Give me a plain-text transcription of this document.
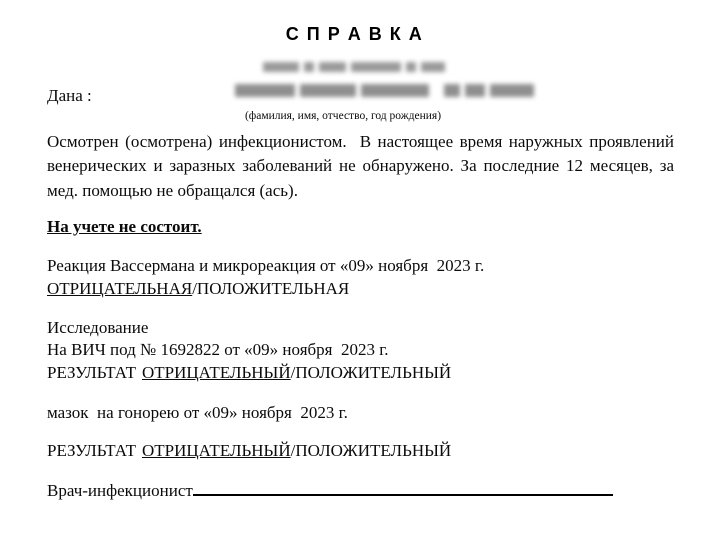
С П Р А В К А
Дана :
(фамилия, имя, отчество, год рождения)
Осмотрен (осмотрена) инфекционистом.  В настоящее время наружных проявлений венерических и заразных заболеваний не обнаружено. За последние 12 месяцев, за мед. помощью не обращался (ась).
На учете не состоит.
Реакция Вассермана и микрореакция от «09» ноября  2023 г.
ОТРИЦАТЕЛЬНАЯ/ПОЛОЖИТЕЛЬНАЯ
Исследование
На ВИЧ под № 1692822 от «09» ноября  2023 г.
РЕЗУЛЬТАТ ОТРИЦАТЕЛЬНЫЙ/ПОЛОЖИТЕЛЬНЫЙ
мазок  на гонорею от «09» ноября  2023 г.
РЕЗУЛЬТАТ ОТРИЦАТЕЛЬНЫЙ/ПОЛОЖИТЕЛЬНЫЙ
Врач-инфекционист
